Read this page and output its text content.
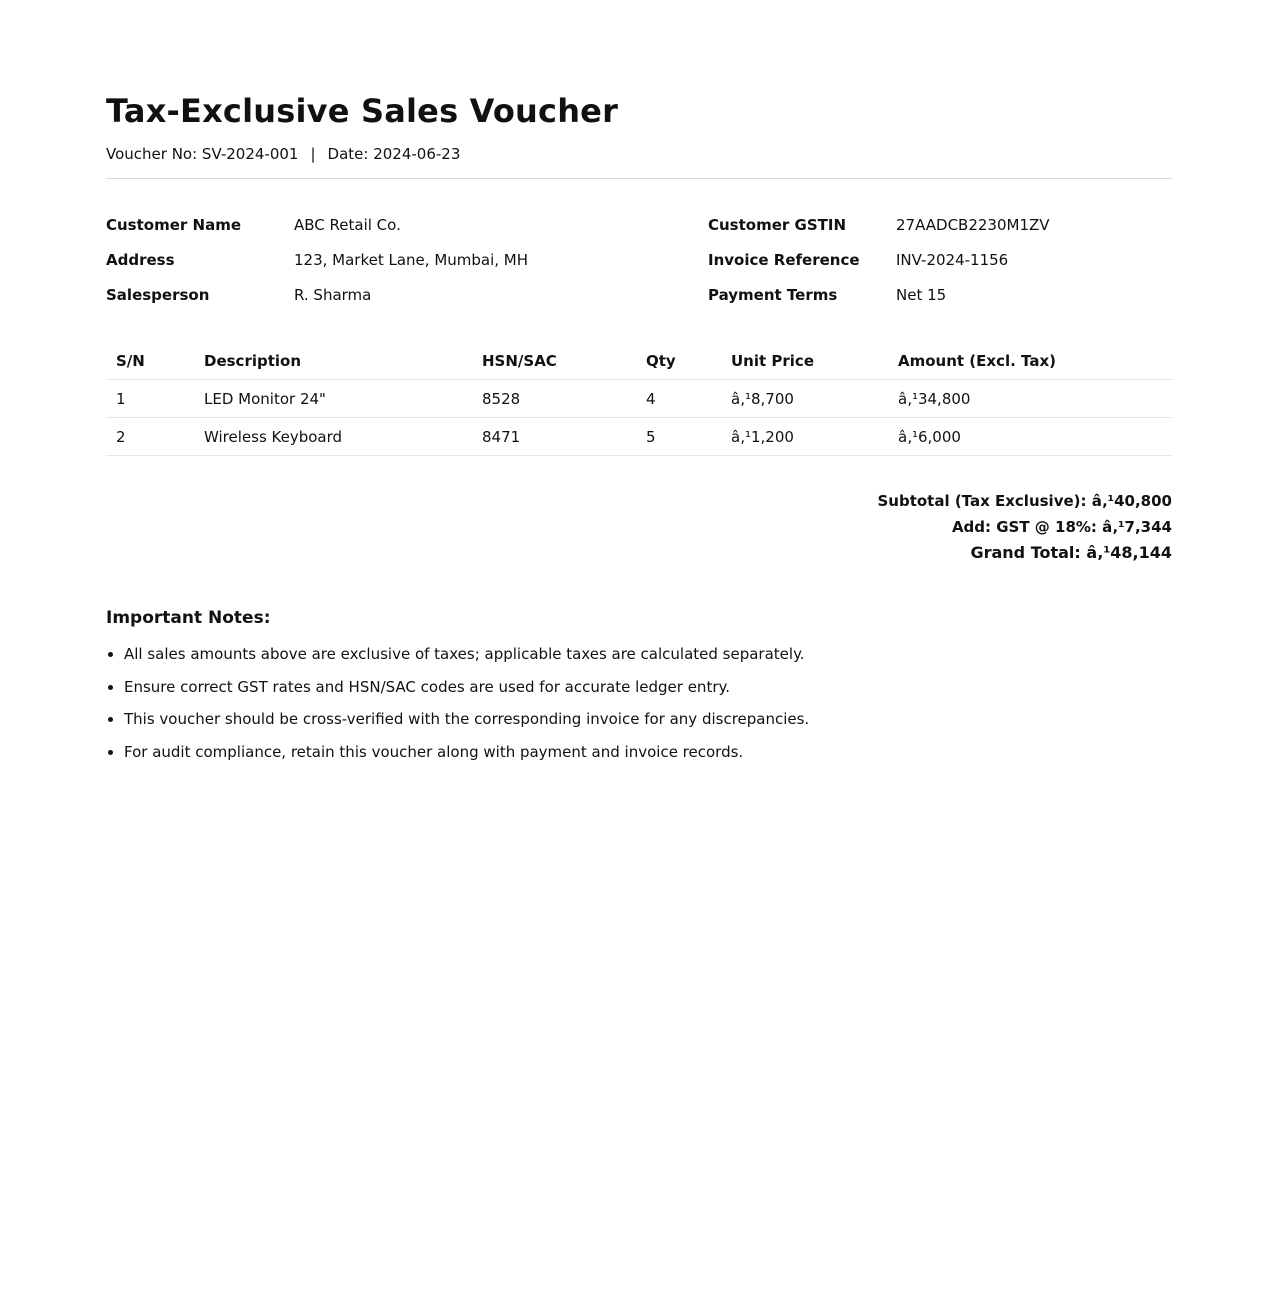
Tax-Exclusive Sales Voucher
Voucher No: SV-2024-001 | Date: 2024-06-23
Customer Name	ABC Retail Co.	Customer GSTIN	27AADCB2230M1ZV
Address	123, Market Lane, Mumbai, MH	Invoice Reference INV-2024-1156
Salesperson	R. Sharma	Payment Terms	Net 15
S/N	Description	HSN/SAC	Qty	Unit Price	Amount (Excl. Tax)
1	LED Monitor 24"	8528	4	â‚¹8,700	â‚¹34,800
2	Wireless Keyboard	8471	5	â‚¹1,200	â‚¹6,000
Subtotal (Tax Exclusive): â‚¹40,800
Add: GST @ 18%: â‚¹7,344
Grand Total: â‚¹48,144
Important Notes:
• All sales amounts above are exclusive of taxes; applicable taxes are calculated separately.
• Ensure correct GST rates and HSN/SAC codes are used for accurate ledger entry.
• This voucher should be cross-verified with the corresponding invoice for any discrepancies.
• For audit compliance, retain this voucher along with payment and invoice records.
